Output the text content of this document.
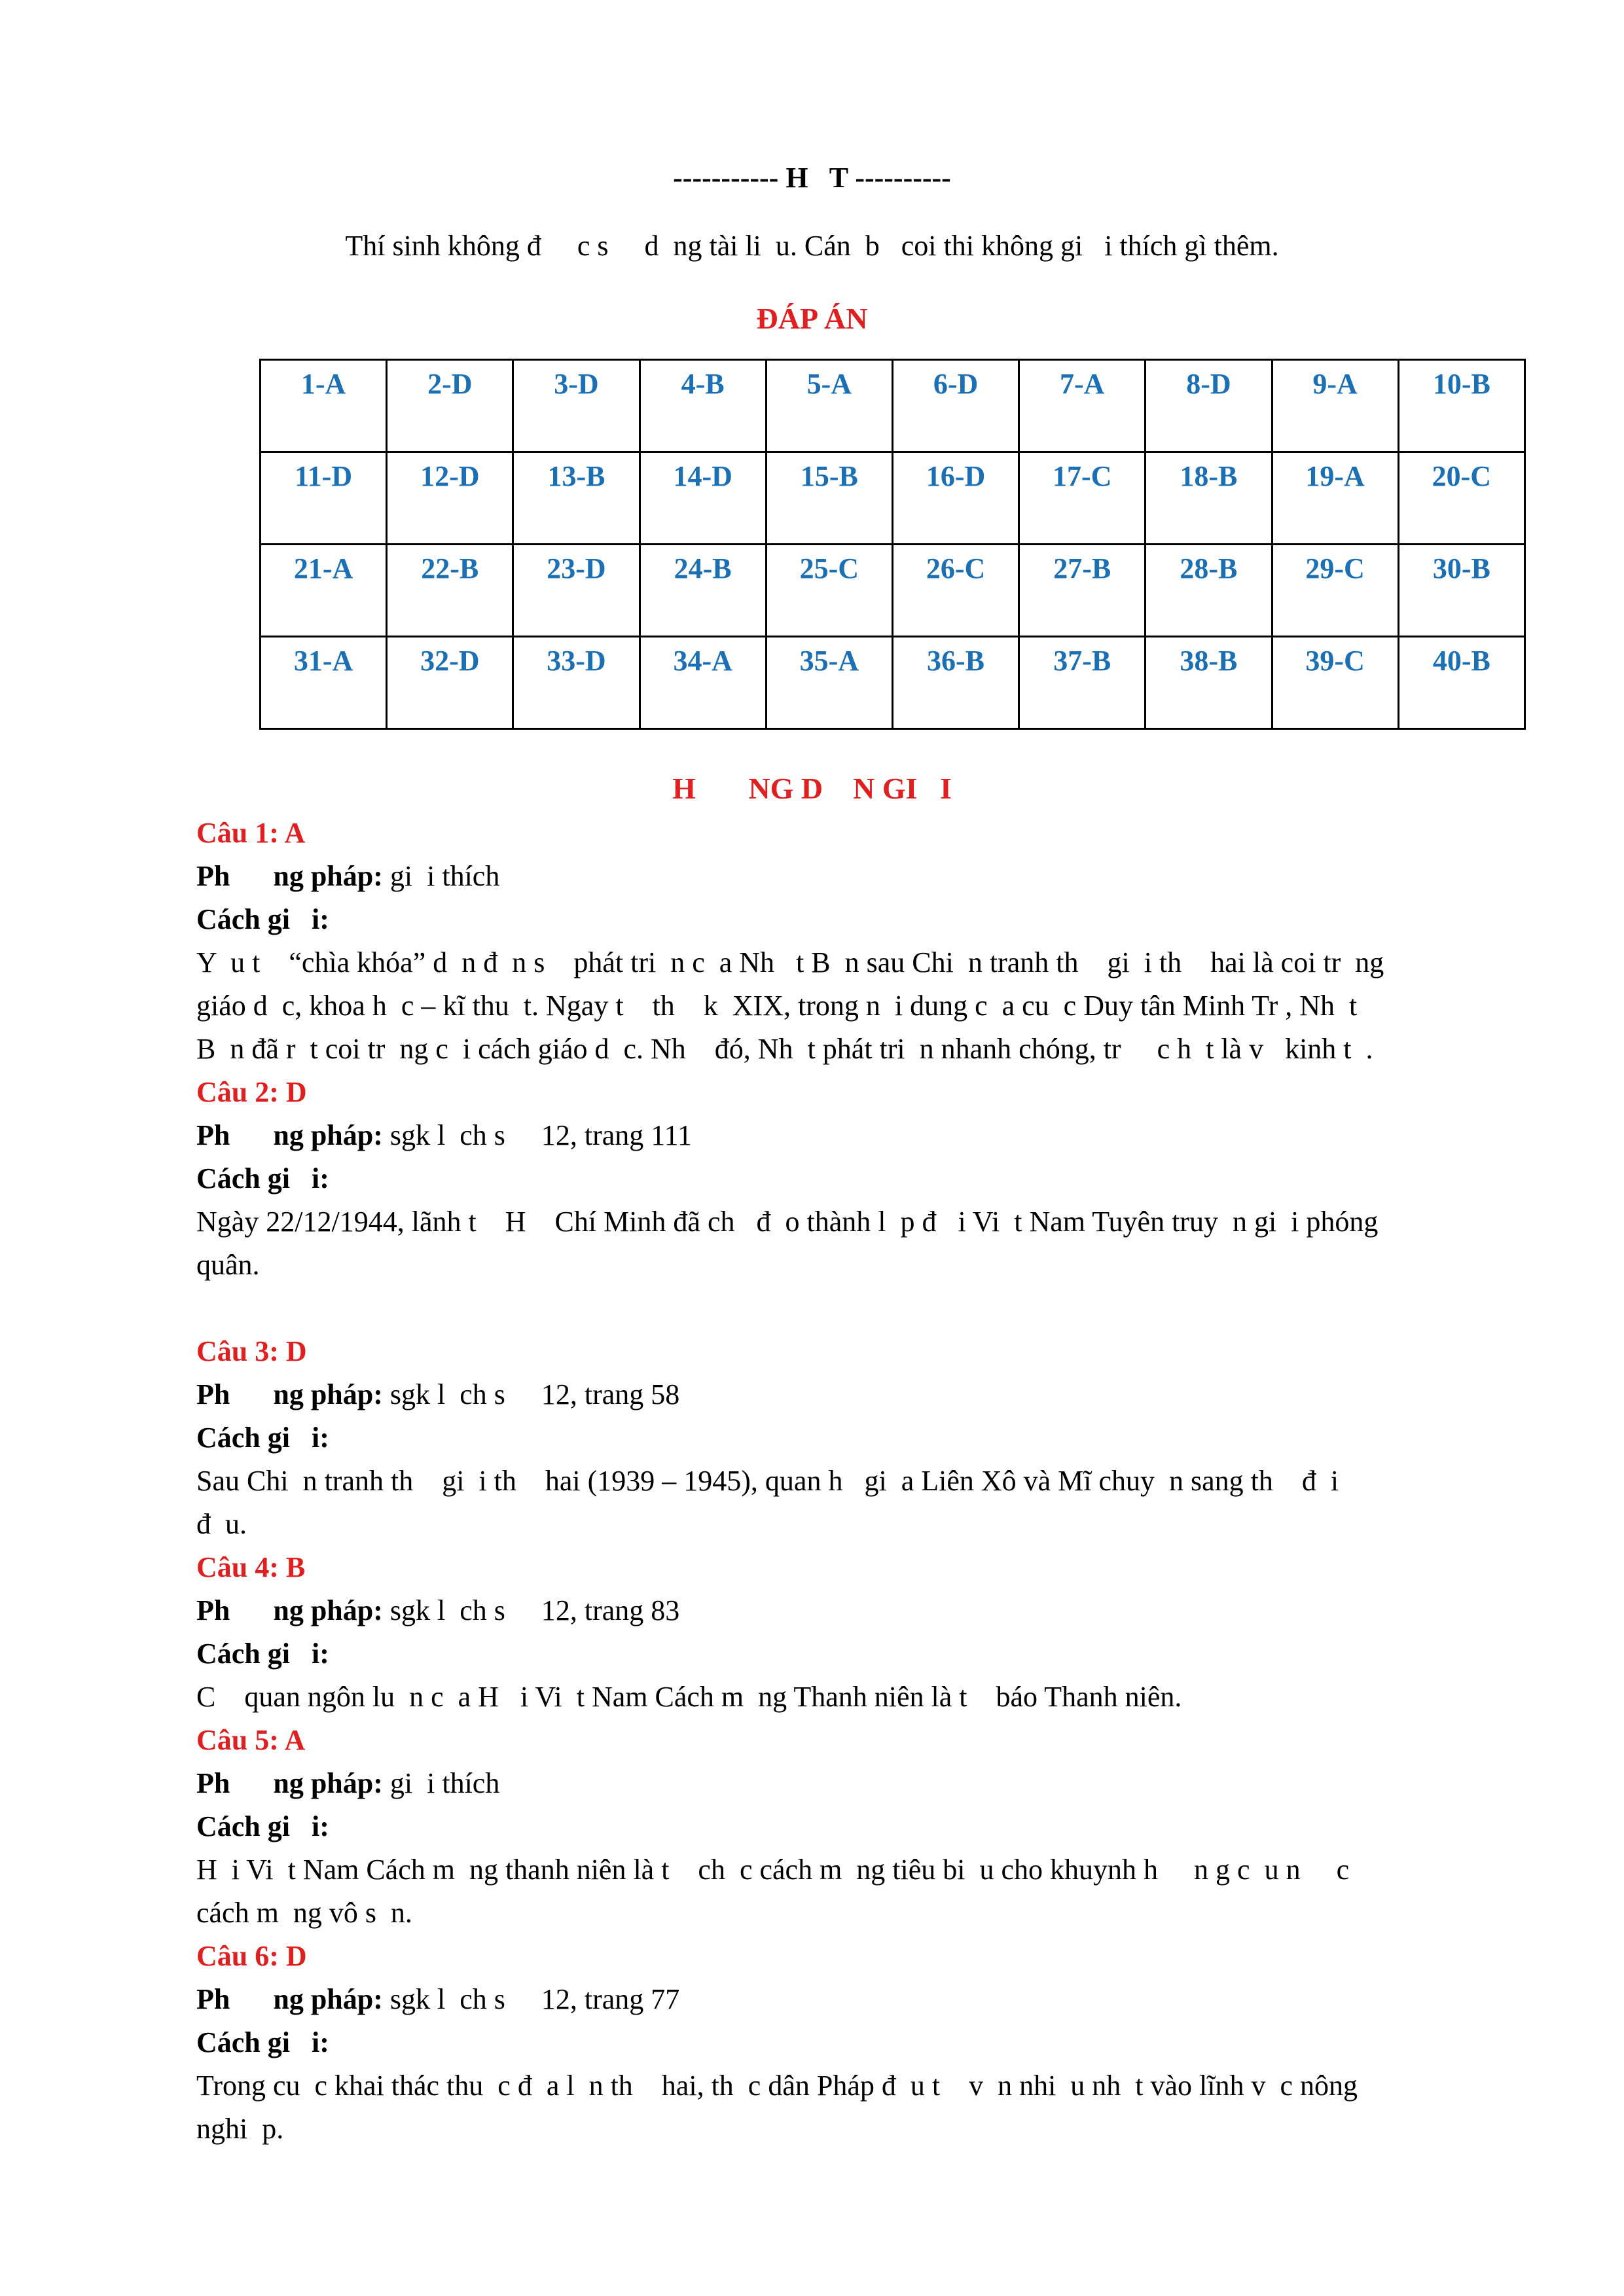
----------- H   T ----------
Thí sinh không đ     c s     d  ng tài li  u. Cán  b   coi thi không gi   i thích gì thêm.
ĐÁP ÁN
1-A	2-D	3-D	4-B	5-A	6-D	7-A	8-D	9-A	10-B
11-D	12-D	13-B	14-D	15-B	16-D	17-C	18-B	19-A	20-C
21-A	22-B	23-D	24-B	25-C	26-C	27-B	28-B	29-C	30-B
31-A	32-D	33-D	34-A	35-A	36-B	37-B	38-B	39-C	40-B
H       NG D    N GI   I
Câu 1: A
Ph      ng pháp: gi  i thích
Cách gi   i:
Y  u t    “chìa khóa” d  n đ  n s    phát tri  n c  a Nh   t B  n sau Chi  n tranh th    gi  i th    hai là coi tr  ng
giáo d  c, khoa h  c – kĩ thu  t. Ngay t    th    k  XIX, trong n  i dung c  a cu  c Duy tân Minh Tr , Nh  t
B  n đã r  t coi tr  ng c  i cách giáo d  c. Nh    đó, Nh  t phát tri  n nhanh chóng, tr     c h  t là v   kinh t  .
Câu 2: D
Ph      ng pháp: sgk l  ch s     12, trang 111
Cách gi   i:
Ngày 22/12/1944, lãnh t    H    Chí Minh đã ch   đ  o thành l  p đ   i Vi  t Nam Tuyên truy  n gi  i phóng
quân.
Câu 3: D
Ph      ng pháp: sgk l  ch s     12, trang 58
Cách gi   i:
Sau Chi  n tranh th    gi  i th    hai (1939 – 1945), quan h   gi  a Liên Xô và Mĩ chuy  n sang th    đ  i
đ  u.
Câu 4: B
Ph      ng pháp: sgk l  ch s     12, trang 83
Cách gi   i:
C    quan ngôn lu  n c  a H   i Vi  t Nam Cách m  ng Thanh niên là t    báo Thanh niên.
Câu 5: A
Ph      ng pháp: gi  i thích
Cách gi   i:
H  i Vi  t Nam Cách m  ng thanh niên là t    ch  c cách m  ng tiêu bi  u cho khuynh h     n g c  u n     c
cách m  ng vô s  n.
Câu 6: D
Ph      ng pháp: sgk l  ch s     12, trang 77
Cách gi   i:
Trong cu  c khai thác thu  c đ  a l  n th    hai, th  c dân Pháp đ  u t    v  n nhi  u nh  t vào lĩnh v  c nông
nghi  p.
